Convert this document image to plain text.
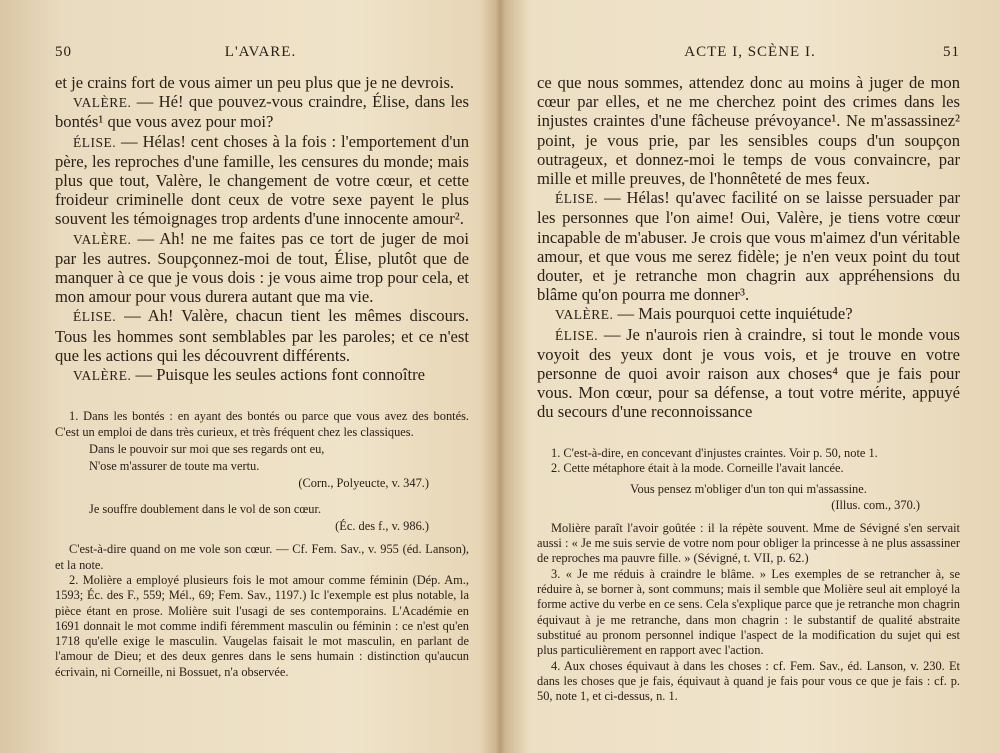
50	L'AVARE.

et je crains fort de vous aimer un peu plus que je ne devrois.

VALÈRE. — Hé! que pouvez-vous craindre, Élise, dans les bontés¹ que vous avez pour moi?

ÉLISE. — Hélas! cent choses à la fois : l'emportement d'un père, les reproches d'une famille, les censures du monde; mais plus que tout, Valère, le changement de votre cœur, et cette froideur criminelle dont ceux de votre sexe payent le plus souvent les témoignages trop ardents d'une innocente amour².

VALÈRE. — Ah! ne me faites pas ce tort de juger de moi par les autres. Soupçonnez-moi de tout, Élise, plutôt que de manquer à ce que je vous dois : je vous aime trop pour cela, et mon amour pour vous durera autant que ma vie.

ÉLISE. — Ah! Valère, chacun tient les mêmes discours. Tous les hommes sont semblables par les paroles; et ce n'est que les actions qui les découvrent différents.

VALÈRE. — Puisque les seules actions font connoître

1. Dans les bontés : en ayant des bontés ou parce que vous avez des bontés. C'est un emploi de dans très curieux, et très fréquent chez les classiques.

Dans le pouvoir sur moi que ses regards ont eu,

N'ose m'assurer de toute ma vertu.

(Corn., Polyeucte, v. 347.)

Je souffre doublement dans le vol de son cœur.

(Éc. des f., v. 986.)

C'est-à-dire quand on me vole son cœur. — Cf. Fem. Sav., v. 955 (éd. Lanson), et la note.

2. Molière a employé plusieurs fois le mot amour comme féminin (Dép. Am., 1593; Éc. des F., 559; Mél., 69; Fem. Sav., 1197.) Ic l'exemple est plus notable, la pièce étant en prose. Molière suit l'usagi de ses contemporains. L'Académie en 1691 donnait le mot comme indifi féremment masculin ou féminin : ce n'est qu'en 1718 qu'elle exige le masculin. Vaugelas faisait le mot masculin, en parlant de l'amour de Dieu; et des deux genres dans le sens humain : distinction qu'aucun écrivain, ni Corneille, ni Bossuet, n'a observée.

ACTE I, SCÈNE I.	51

ce que nous sommes, attendez donc au moins à juger de mon cœur par elles, et ne me cherchez point des crimes dans les injustes craintes d'une fâcheuse prévoyance¹. Ne m'assassinez² point, je vous prie, par les sensibles coups d'un soupçon outrageux, et donnez-moi le temps de vous convaincre, par mille et mille preuves, de l'honnêteté de mes feux.

ÉLISE. — Hélas! qu'avec facilité on se laisse persuader par les personnes que l'on aime! Oui, Valère, je tiens votre cœur incapable de m'abuser. Je crois que vous m'aimez d'un véritable amour, et que vous me serez fidèle; je n'en veux point du tout douter, et je retranche mon chagrin aux appréhensions du blâme qu'on pourra me donner³.

VALÈRE. — Mais pourquoi cette inquiétude?

ÉLISE. — Je n'aurois rien à craindre, si tout le monde vous voyoit des yeux dont je vous vois, et je trouve en votre personne de quoi avoir raison aux choses⁴ que je fais pour vous. Mon cœur, pour sa défense, a tout votre mérite, appuyé du secours d'une reconnoissance

1. C'est-à-dire, en concevant d'injustes craintes. Voir p. 50, note 1.

2. Cette métaphore était à la mode. Corneille l'avait lancée.

Vous pensez m'obliger d'un ton qui m'assassine.

(Illus. com., 370.)

Molière paraît l'avoir goûtée : il la répète souvent. Mme de Sévigné s'en servait aussi : « Je me suis servie de votre nom pour obliger la princesse à ne plus assassiner de reproches ma pauvre fille. » (Sévigné, t. VII, p. 62.)

3. « Je me réduis à craindre le blâme. » Les exemples de se retrancher à, se réduire à, se borner à, sont communs; mais il semble que Molière seul ait employé la forme active du verbe en ce sens. Cela s'explique parce que je retranche mon chagrin équivaut à je me retranche, dans mon chagrin : le substantif de qualité abstraite substitué au pronom personnel indique l'aspect de la modification du sujet qui est plus particulièrement en rapport avec l'action.

4. Aux choses équivaut à dans les choses : cf. Fem. Sav., éd. Lanson, v. 230. Et dans les choses que je fais, équivaut à quand je fais pour vous ce que je fais : cf. p. 50, note 1, et ci-dessus, n. 1.
